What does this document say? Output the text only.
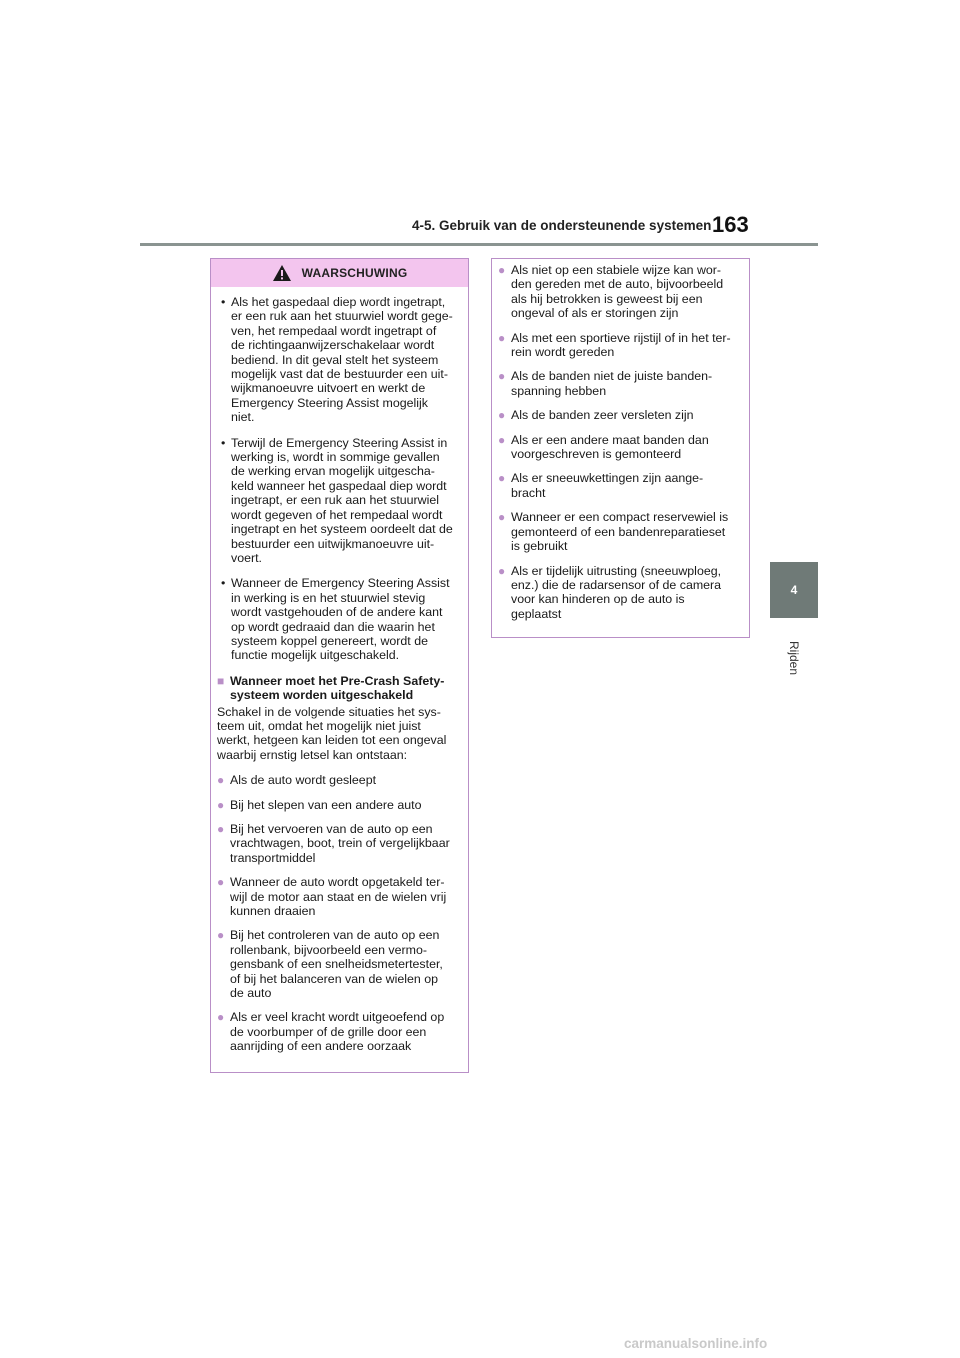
4-5. Gebruik van de ondersteunende systemen 163
4
Rijden
WAARSCHUWING
• Als het gaspedaal diep wordt ingetrapt,
er een ruk aan het stuurwiel wordt gege-
ven, het rempedaal wordt ingetrapt of
de richtingaanwijzerschakelaar wordt
bediend. In dit geval stelt het systeem
mogelijk vast dat de bestuurder een uit-
wijkmanoeuvre uitvoert en werkt de
Emergency Steering Assist mogelijk
niet.
• Terwijl de Emergency Steering Assist in
werking is, wordt in sommige gevallen
de werking ervan mogelijk uitgescha-
keld wanneer het gaspedaal diep wordt
ingetrapt, er een ruk aan het stuurwiel
wordt gegeven of het rempedaal wordt
ingetrapt en het systeem oordeelt dat de
bestuurder een uitwijkmanoeuvre uit-
voert.
• Wanneer de Emergency Steering Assist
in werking is en het stuurwiel stevig
wordt vastgehouden of de andere kant
op wordt gedraaid dan die waarin het
systeem koppel genereert, wordt de
functie mogelijk uitgeschakeld.
■ Wanneer moet het Pre-Crash Safety-
systeem worden uitgeschakeld
Schakel in de volgende situaties het sys-
teem uit, omdat het mogelijk niet juist
werkt, hetgeen kan leiden tot een ongeval
waarbij ernstig letsel kan ontstaan:
● Als de auto wordt gesleept
● Bij het slepen van een andere auto
● Bij het vervoeren van de auto op een
vrachtwagen, boot, trein of vergelijkbaar
transportmiddel
● Wanneer de auto wordt opgetakeld ter-
wijl de motor aan staat en de wielen vrij
kunnen draaien
● Bij het controleren van de auto op een
rollenbank, bijvoorbeeld een vermo-
gensbank of een snelheidsmetertester,
of bij het balanceren van de wielen op
de auto
● Als er veel kracht wordt uitgeoefend op
de voorbumper of de grille door een
aanrijding of een andere oorzaak
● Als niet op een stabiele wijze kan wor-
den gereden met de auto, bijvoorbeeld
als hij betrokken is geweest bij een
ongeval of als er storingen zijn
● Als met een sportieve rijstijl of in het ter-
rein wordt gereden
● Als de banden niet de juiste banden-
spanning hebben
● Als de banden zeer versleten zijn
● Als er een andere maat banden dan
voorgeschreven is gemonteerd
● Als er sneeuwkettingen zijn aange-
bracht
● Wanneer er een compact reservewiel is
gemonteerd of een bandenreparatieset
is gebruikt
● Als er tijdelijk uitrusting (sneeuwploeg,
enz.) die de radarsensor of de camera
voor kan hinderen op de auto is
geplaatst
carmanualsonline.info
